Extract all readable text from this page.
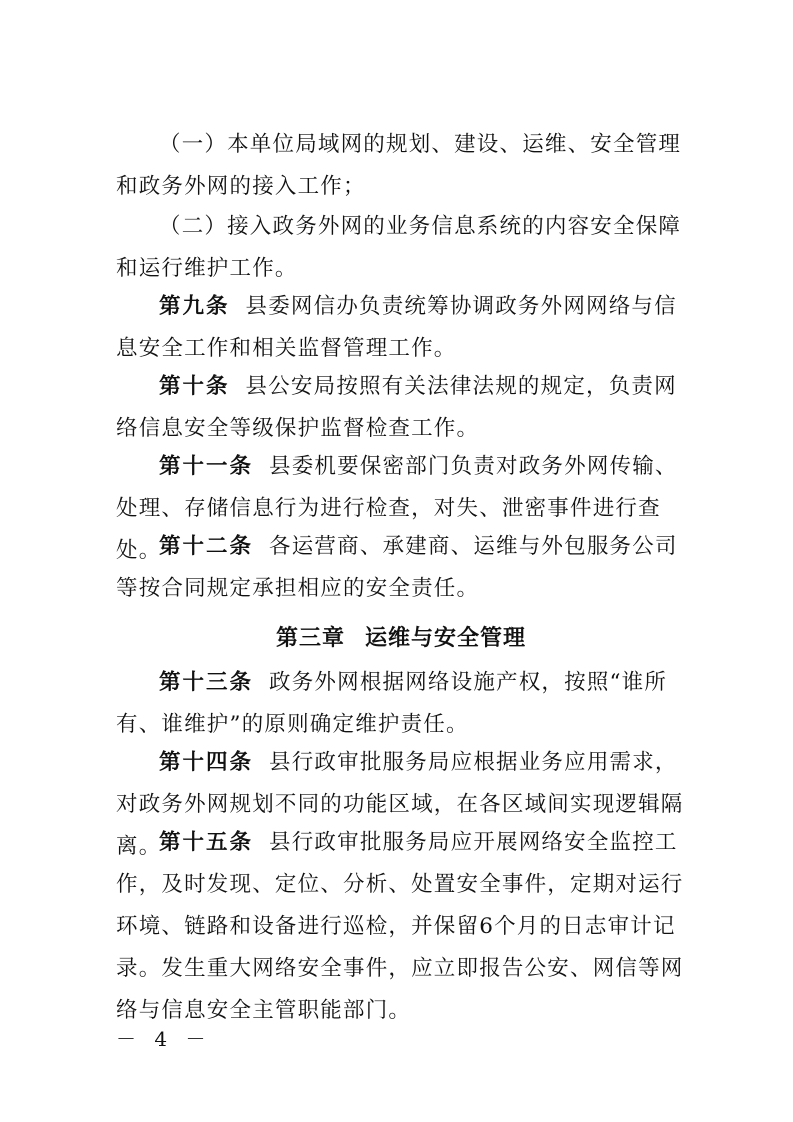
（一）本单位局域网的规划、建设、运维、安全管理和政务外网的接入工作；

（二）接入政务外网的业务信息系统的内容安全保障和运行维护工作。

第九条 县委网信办负责统筹协调政务外网网络与信息安全工作和相关监督管理工作。

第十条 县公安局按照有关法律法规的规定，负责网络信息安全等级保护监督检查工作。

第十一条 县委机要保密部门负责对政务外网传输、处理、存储信息行为进行检查，对失、泄密事件进行查处。

第十二条 各运营商、承建商、运维与外包服务公司等按合同规定承担相应的安全责任。

第三章 运维与安全管理

第十三条 政务外网根据网络设施产权，按照“谁所有、谁维护”的原则确定维护责任。

第十四条 县行政审批服务局应根据业务应用需求，对政务外网规划不同的功能区域，在各区域间实现逻辑隔离。

第十五条 县行政审批服务局应开展网络安全监控工作，及时发现、定位、分析、处置安全事件，定期对运行环境、链路和设备进行巡检，并保留6个月的日志审计记录。发生重大网络安全事件，应立即报告公安、网信等网络与信息安全主管职能部门。

－ 4 －
